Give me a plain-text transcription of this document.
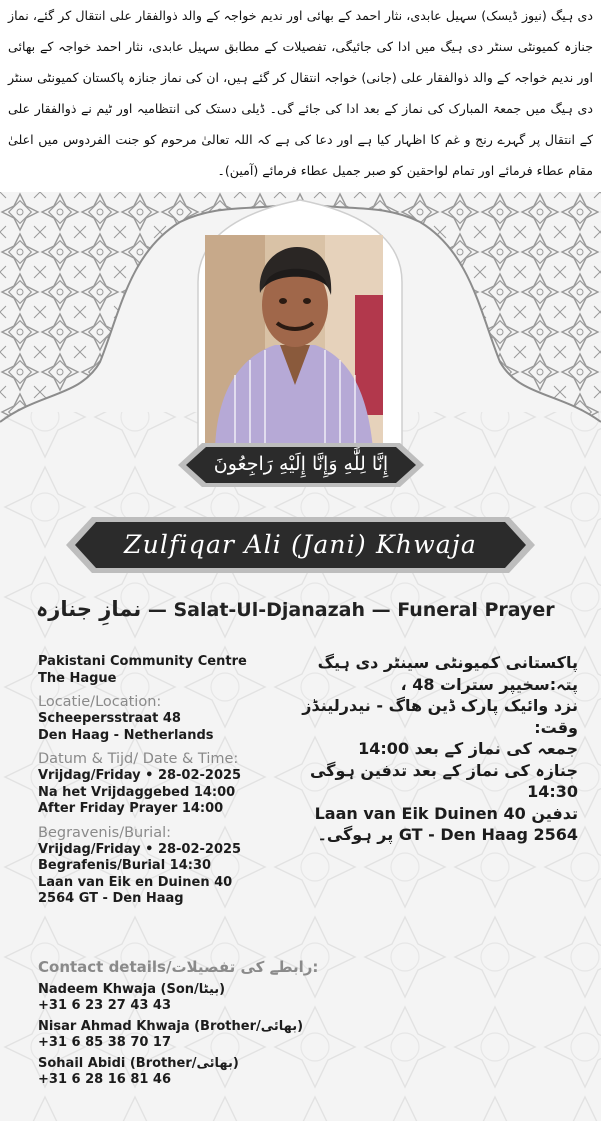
دی ہیگ (نیوز ڈیسک) سہیل عابدی، نثار احمد کے بھائی اور ندیم خواجہ کے والد ذوالفقار علی انتقال کر گئے، نماز جنازہ کمیونٹی سنٹر دی ہیگ میں ادا کی جائیگی، تفصیلات کے مطابق سہیل عابدی، نثار احمد خواجہ کے بھائی اور ندیم خواجہ کے والد ذوالفقار علی (جانی) خواجہ انتقال کر گئے ہیں، ان کی نماز جنازہ پاکستان کمیونٹی سنٹر دی ہیگ میں جمعۃ المبارک کی نماز کے بعد ادا کی جائے گی۔ ڈیلی دستک کی انتظامیہ اور ٹیم نے ذوالفقار علی کے انتقال پر گہرے رنج و غم کا اظہار کیا ہے اور دعا کی ہے کہ اللہ تعالیٰ مرحوم کو جنت الفردوس میں اعلیٰ مقام عطاء فرمائے اور تمام لواحقین کو صبر جمیل عطاء فرمائے (آمین)۔
إِنَّا لِلَّٰهِ وَإِنَّا إِلَيْهِ رَاجِعُونَ
Zulfiqar Ali (Jani) Khwaja
نمازِ جنازہ — Salat-Ul-Djanazah — Funeral Prayer
Pakistani Community Centre
The Hague
Locatie/Location:
Scheepersstraat 48
Den Haag - Netherlands
Datum & Tijd/ Date & Time:
Vrijdag/Friday • 28-02-2025
Na het Vrijdaggebed 14:00
After Friday Prayer 14:00
Begravenis/Burial:
Vrijdag/Friday • 28-02-2025
Begrafenis/Burial 14:30
Laan van Eik en Duinen 40
2564 GT - Den Haag
پاکستانی کمیونٹی سینٹر دی ہیگ
پتہ:سخیپر سترات 48 ،
نزد وائیک پارک ڈین ھاگ - نیدرلینڈز
وقت:
جمعہ کی نماز کے بعد 14:00
جنازہ کی نماز کے بعد تدفین ہوگی
14:30
تدفین Laan van Eik Duinen 40
2564 GT - Den Haag پر ہوگی۔
Contact details/رابطے کی تفصیلات:
Nadeem Khwaja (Son/بیٹا)
+31 6 23 27 43 43
Nisar Ahmad Khwaja (Brother/بھائی)
+31 6 85 38 70 17
Sohail Abidi (Brother/بھائی)
+31 6 28 16 81 46
